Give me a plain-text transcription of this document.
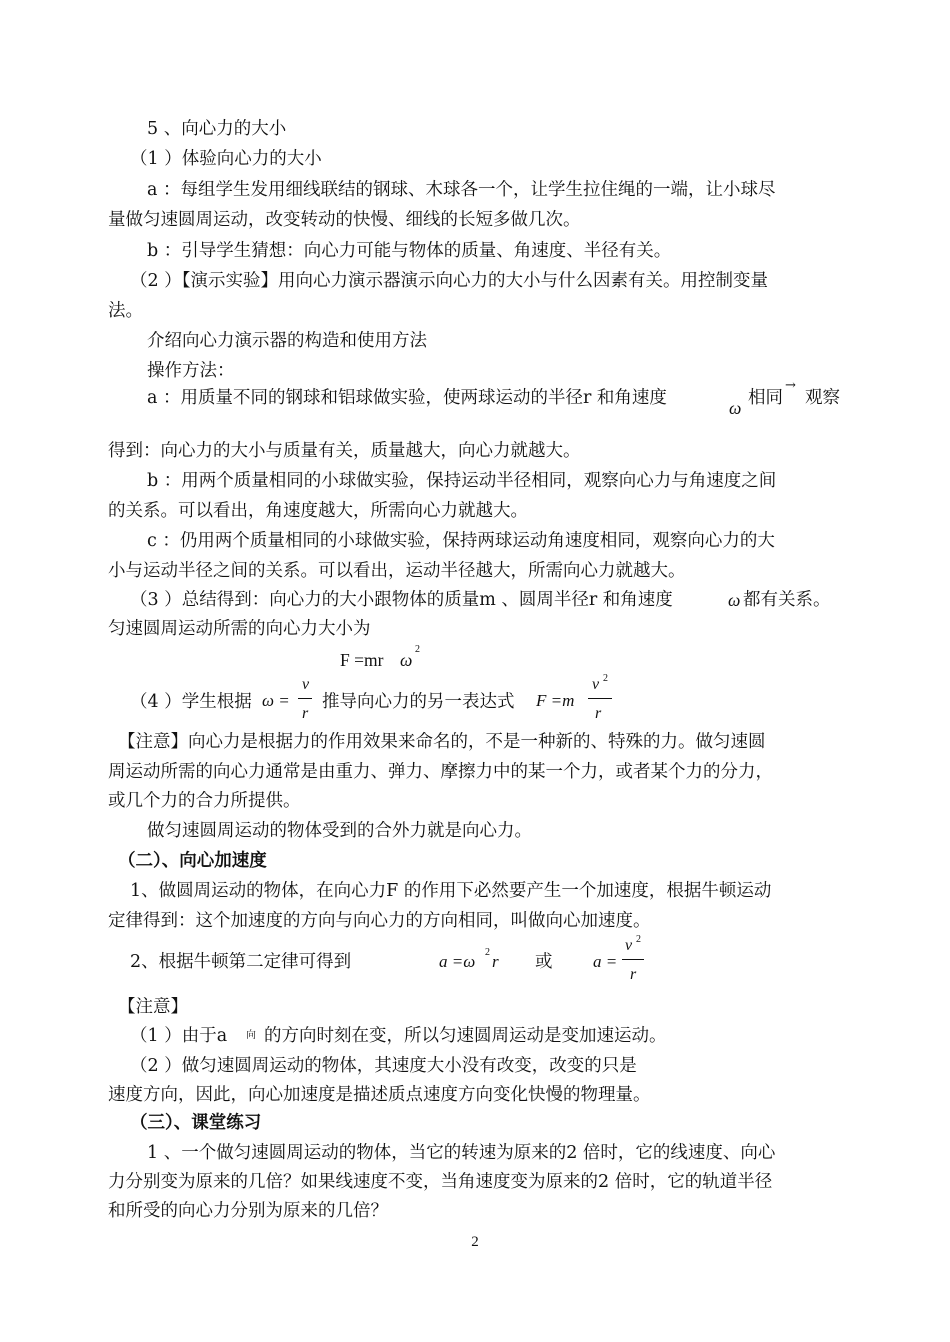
5 、向心力的大小
（1 ）体验向心力的大小
a ：每组学生发用细线联结的钢球、木球各一个，让学生拉住绳的一端，让小球尽
量做匀速圆周运动，改变转动的快慢、细线的长短多做几次。
b ：引导学生猜想：向心力可能与物体的质量、角速度、半径有关。
（2 ）【演示实验】用向心力演示器演示向心力的大小与什么因素有关。用控制变量
法。
介绍向心力演示器的构造和使用方法
操作方法：
a ：用质量不同的钢球和铝球做实验，使两球运动的半径r 和角速度	ω 相同
→
观察
得到：向心力的大小与质量有关，质量越大，向心力就越大。
b ：用两个质量相同的小球做实验，保持运动半径相同，观察向心力与角速度之间
的关系。可以看出，角速度越大，所需向心力就越大。
c ：仍用两个质量相同的小球做实验，保持两球运动角速度相同，观察向心力的大
小与运动半径之间的关系。可以看出，运动半径越大，所需向心力就越大。
（3 ）总结得到：向心力的大小跟物体的质量m 、圆周半径r 和角速度	ω 都有关系。
匀速圆周运动所需的向心力大小为
F =mr ω
2
（4 ）学生根据 ω =
v
r
推导向心力的另一表达式 F =m
v 2
r
【注意】向心力是根据力的作用效果来命名的，不是一种新的、特殊的力。做匀速圆
周运动所需的向心力通常是由重力、弹力、摩擦力中的某一个力，或者某个力的分力，
或几个力的合力所提供。
做匀速圆周运动的物体受到的合外力就是向心力。
（二）、向心加速度
1、做圆周运动的物体，在向心力F 的作用下必然要产生一个加速度，根据牛顿运动
定律得到：这个加速度的方向与向心力的方向相同，叫做向心加速度。
2、根据牛顿第二定律可得到	a =ω 2 r 或 a =
v 2
r
【注意】
（1 ）由于a 向 的方向时刻在变，所以匀速圆周运动是变加速运动。
（2 ）做匀速圆周运动的物体，其速度大小没有改变，改变的只是
速度方向，因此，向心加速度是描述质点速度方向变化快慢的物理量。
（三）、课堂练习
1 、一个做匀速圆周运动的物体，当它的转速为原来的2 倍时，它的线速度、向心
力分别变为原来的几倍？如果线速度不变，当角速度变为原来的2 倍时，它的轨道半径
和所受的向心力分别为原来的几倍？
2
